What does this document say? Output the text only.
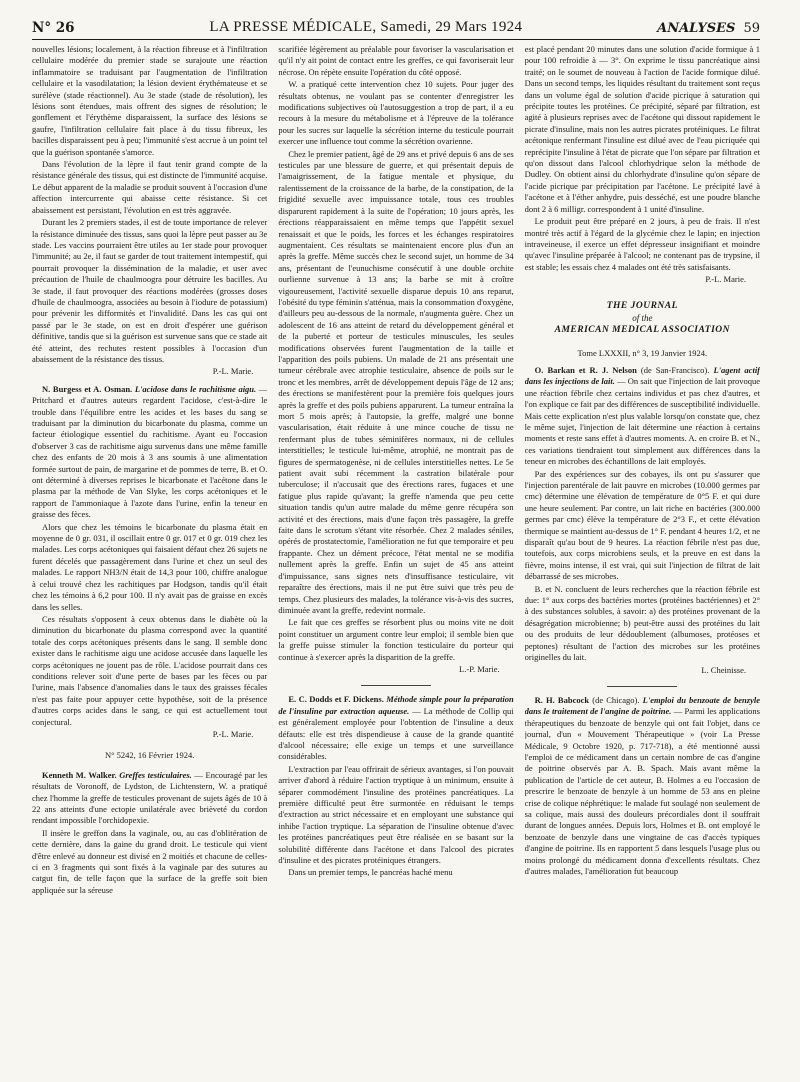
N° 26	LA PRESSE MÉDICALE, Samedi, 29 Mars 1924	ANALYSES 59

nouvelles lésions; localement, à la réaction fibreuse et à l'infiltration cellulaire modérée du premier stade se surajoute une réaction inflammatoire se traduisant par l'augmentation de l'infiltration cellulaire et la vasodilatation; la lésion devient érythémateuse et se surélève (stade réactionnel). Au 3e stade (stade de résolution), les lésions sont étendues, mais offrent des signes de résolution; le gonflement et l'érythème disparaissent, la surface des lésions se gaufre, l'infiltration cellulaire fait place à du tissu fibreux, les bacilles disparaissent peu à peu; l'immunité s'est accrue à un point tel que la guérison spontanée s'amorce.

Dans l'évolution de la lèpre il faut tenir grand compte de la résistance générale des tissus, qui est distincte de l'immunité acquise. Le début apparent de la maladie se produit souvent à l'occasion d'une affection intercurrente qui abaisse cette résistance. Si cet abaissement est persistant, l'évolution en est très aggravée.

Durant les 2 premiers stades, il est de toute importance de relever la résistance diminuée des tissus, sans quoi la lèpre peut passer au 3e stade. Les vaccins pourraient être utiles au 1er stade pour provoquer l'immunité; au 2e, il faut se garder de tout traitement intempestif, qui pourrait provoquer la dissémination de la maladie, et user avec précaution de l'huile de chaulmoogra pour détruire les bacilles. Au 3e stade, il faut provoquer des réactions modérées (grosses doses d'huile de chaulmoogra, associées au besoin à l'iodure de potassium) pour prévenir les difformités et l'invalidité. Dans les cas qui ont passé par le 3e stade, on est en droit d'espérer une guérison définitive, tandis que si la guérison est survenue sans que ce stade ait été atteint, des rechutes restent possibles à l'occasion d'un abaissement de la résistance des tissus.

P.-L. Marie.

N. Burgess et A. Osman. L'acidose dans le rachitisme aigu. — Pritchard et d'autres auteurs regardent l'acidose, c'est-à-dire le trouble dans l'équilibre entre les acides et les bases du sang se traduisant par la diminution du bicarbonate du plasma, comme un facteur étiologique essentiel du rachitisme. Ayant eu l'occasion d'observer 3 cas de rachitisme aigu survenus dans une même famille chez des enfants de 20 mois à 3 ans soumis à une alimentation formée surtout de pain, de margarine et de pommes de terre, B. et O. ont déterminé à diverses reprises le bicarbonate et l'acétone dans le plasma par la méthode de Van Slyke, les corps acétoniques et le rapport de l'ammoniaque à l'azote dans l'urine, enfin la teneur en graisse des fèces.

Alors que chez les témoins le bicarbonate du plasma était en moyenne de 0 gr. 031, il oscillait entre 0 gr. 017 et 0 gr. 019 chez les malades. Les corps acétoniques qui faisaient défaut chez 26 sujets ne furent décelés que passagèrement dans l'urine et chez un seul des malades. Le rapport NH3/N était de 14,3 pour 100, chiffre analogue à celui trouvé chez les rachitiques par Hodgson, tandis qu'il était chez les témoins à 6,2 pour 100. Il n'y avait pas de graisse en excès dans les selles.

Ces résultats s'opposent à ceux obtenus dans le diabète où la diminution du bicarbonate du plasma correspond avec la quantité totale des corps acétoniques présents dans le sang. Il semble donc exister dans le rachitisme aigu une acidose accusée dans laquelle les corps acétoniques ne jouent pas de rôle. L'acidose pourrait dans ces conditions relever soit d'une perte de bases par les fèces ou par l'urine, mais l'absence d'anomalies dans le taux des graisses fécales n'est pas faite pour appuyer cette hypothèse, soit de la présence d'autres corps acides dans le sang, ce qui est actuellement tout conjectural.

P.-L. Marie.
N° 5242, 16 Février 1924.

Kenneth M. Walker. Greffes testiculaires. — Encouragé par les résultats de Voronoff, de Lydston, de Lichtenstern, W. a pratiqué chez l'homme la greffe de testicules provenant de sujets âgés de 10 à 22 ans atteints d'une ectopie unilatérale avec brièveté du cordon rendant impossible l'orchidopexie.

Il insère le greffon dans la vaginale, ou, au cas d'oblitération de cette dernière, dans la gaine du grand droit. Le testicule qui vient d'être enlevé au donneur est divisé en 2 moitiés et chacune de celles-ci en 3 fragments qui sont fixés à la vaginale par des sutures au catgut fin, de telle façon que la surface de la greffe soit bien appliquée sur la séreuse

scarifiée légèrement au préalable pour favoriser la vascularisation et qu'il n'y ait point de contact entre les greffes, ce qui favoriserait leur nécrose. On répète ensuite l'opération du côté opposé.

W. a pratiqué cette intervention chez 10 sujets. Pour juger des résultats obtenus, ne voulant pas se contenter d'enregistrer les modifications subjectives où l'autosuggestion a trop de part, il a eu recours à la mesure du métabolisme et à l'épreuve de la tolérance pour les sucres sur laquelle la sécrétion interne du testicule pourrait exercer une influence tout comme la sécrétion ovarienne.

Chez le premier patient, âgé de 29 ans et privé depuis 6 ans de ses testicules par une blessure de guerre, et qui présentait depuis de l'amaigrissement, de la fatigue mentale et physique, du ralentissement de la croissance de la barbe, de la constipation, de la frigidité sexuelle avec impuissance totale, tous ces troubles disparurent rapidement à la suite de l'opération; 10 jours après, les érections réapparaissaient en même temps que l'appétit sexuel renaissait et que le poids, les forces et les échanges respiratoires augmentaient. Ces résultats se maintenaient encore plus d'un an après la greffe. Même succès chez le second sujet, un homme de 34 ans, présentant de l'eunuchisme consécutif à une double orchite ourlienne survenue à 13 ans; la barbe se mit à croître vigoureusement, l'activité sexuelle disparue depuis 10 ans reparut, l'obésité du type féminin s'atténua, mais la consommation d'oxygène, d'ailleurs peu au-dessous de la normale, n'augmenta guère. Chez un adolescent de 16 ans atteint de retard du développement général et de la puberté et porteur de testicules minuscules, les seules modifications observées furent l'augmentation de la taille et l'apparition des poils pubiens. Un malade de 21 ans présentait une tumeur cérébrale avec atrophie testiculaire, absence de poils sur le tronc et les membres, arrêt de développement depuis l'âge de 12 ans; des érections se manifestèrent pour la première fois quelques jours après la greffe et des poils pubiens apparurent. La tumeur entraîna la mort 5 mois après; à l'autopsie, la greffe, malgré une bonne vascularisation, était réduite à une mince couche de tissu ne renfermant plus de tubes séminifères normaux, ni de cellules interstitielles; le testicule lui-même, atrophié, ne montrait pas de figures de spermatogenèse, ni de cellules interstitielles nettes. Le 5e patient avait subi récemment la castration bilatérale pour tuberculose; il n'accusait que des érections rares, fugaces et une fatigue plus rapide qu'avant; la greffe n'amenda que peu cette situation tandis qu'un autre malade du même genre récupéra son activité et des érections, mais d'une façon très passagère, la greffe faite dans le scrotum s'étant vite résorbée. Chez 2 malades séniles, opérés de prostatectomie, l'amélioration ne fut que temporaire et peu frappante. Chez un dément précoce, l'état mental ne se modifia nullement après la greffe. Enfin un sujet de 45 ans atteint d'impuissance, sans signes nets d'insuffisance testiculaire, vit reparaître des érections, mais il ne put être suivi que très peu de temps. Chez plusieurs des malades, la tolérance vis-à-vis des sucres, diminuée avant la greffe, redevint normale.

Le fait que ces greffes se résorbent plus ou moins vite ne doit point constituer un argument contre leur emploi; il semble bien que la greffe puisse stimuler la fonction testiculaire du porteur qui continue à s'exercer après la disparition de la greffe.

L.-P. Marie.

E. C. Dodds et F. Dickens. Méthode simple pour la préparation de l'insuline par extraction aqueuse. — La méthode de Collip qui est généralement employée pour l'obtention de l'insuline a deux défauts: elle est très dispendieuse à cause de la grande quantité d'alcool nécessaire; elle exige un temps et une surveillance considérables.

L'extraction par l'eau offrirait de sérieux avantages, si l'on pouvait arriver d'abord à réduire l'action tryptique à un minimum, ensuite à séparer commodément l'insuline des protéines pancréatiques. La première difficulté peut être surmontée en réduisant le temps d'extraction au strict nécessaire et en employant une substance qui inhibe l'action tryptique. La séparation de l'insuline obtenue d'avec les protéines pancréatiques peut être réalisée en se basant sur la solubilité différente dans l'acétone et dans l'alcool des picrates d'insuline et des picrates protéiniques étrangers.

Dans un premier temps, le pancréas haché menu

est placé pendant 20 minutes dans une solution d'acide formique à 1 pour 100 refroidie à — 3°. On exprime le tissu pancréatique ainsi traité; on le soumet de nouveau à l'action de l'acide formique dilué. Dans un second temps, les liquides résultant du traitement sont reçus dans un volume égal de solution d'acide picrique à saturation qui précipite toutes les protéines. Ce précipité, séparé par filtration, est agité à plusieurs reprises avec de l'acétone qui dissout rapidement le picrate d'insuline, mais non les autres picrates protéiniques. Le filtrat acétonique renfermant l'insuline est dilué avec de l'eau picriquée qui reprécipite l'insuline à l'état de picrate que l'on sépare par filtration et qu'on dissout dans l'alcool chlorhydrique selon la méthode de Dudley. On obtient ainsi du chlorhydrate d'insuline qu'on sépare de l'acide picrique par précipitation par l'acétone. Le précipité lavé à l'acétone et à l'éther anhydre, puis desséché, est une poudre blanche dont 2 à 6 milligr. correspondent à 1 unité d'insuline.

Le produit peut être préparé en 2 jours, à peu de frais. Il n'est montré très actif à l'égard de la glycémie chez le lapin; en injection intraveineuse, il exerce un effet dépresseur insignifiant et moindre qu'avec l'insuline préparée à l'alcool; ne contenant pas de trypsine, il est stable; les essais chez 4 malades ont été très satisfaisants.

P.-L. Marie.
THE JOURNAL
of the
AMERICAN MEDICAL ASSOCIATION
Tome LXXXII, n° 3, 19 Janvier 1924.

O. Barkan et R. J. Nelson (de San-Francisco). L'agent actif dans les injections de lait. — On sait que l'injection de lait provoque une réaction fébrile chez certains individus et pas chez d'autres, et l'on explique ce fait par des différences de susceptibilité individuelle. Mais cette explication n'est plus valable lorsqu'on constate que, chez le même sujet, l'injection de lait détermine une réaction à certains moments et reste sans effet à d'autres moments. A. en croire B. et N., ces variations tiendraient tout simplement aux différences dans la teneur en microbes des échantillons de lait employés.

Par des expériences sur des cobayes, ils ont pu s'assurer que l'injection parentérale de lait pauvre en microbes (10.000 germes par cmc) détermine une élévation de température de 0°5 F. et qui dure une heure seulement. Par contre, un lait riche en bactéries (300.000 germes par cmc) élève la température de 2°3 F., et cette élévation thermique se maintient au-dessus de 1° F. pendant 4 heures 1/2, et ne disparaît qu'au bout de 9 heures. La réaction fébrile n'est pas due, toutefois, aux corps microbiens seuls, et la preuve en est dans la fièvre, moins intense, il est vrai, qui suit l'injection de filtrat de lait débarrassé de ses microbes.

B. et N. concluent de leurs recherches que la réaction fébrile est due: 1° aux corps des bactéries mortes (protéines bactériennes) et 2° à des substances solubles, à savoir: a) des protéines provenant de la désagrégation microbienne; b) peut-être aussi des protéines du lait ou des produits de leur dédoublement (albumoses, protéoses et peptones) résultant de l'action des microbes sur les protéines originelles du lait.

L. Cheinisse.

R. H. Babcock (de Chicago). L'emploi du benzoate de benzyle dans le traitement de l'angine de poitrine. — Parmi les applications thérapeutiques du benzoate de benzyle qui ont fait l'objet, dans ce journal, d'un « Mouvement Thérapeutique » (voir La Presse Médicale, 9 Octobre 1920, p. 717-718), a été mentionné aussi l'emploi de ce médicament dans un certain nombre de cas d'angine de poitrine observés par A. B. Spach. Mais avant même la publication de l'article de cet auteur, B. Holmes a eu l'occasion de prescrire le benzoate de benzyle à un homme de 53 ans en pleine crise de colique néphrétique: le malade fut soulagé non seulement de sa colique, mais aussi des douleurs précordiales dont il souffrait durant de longues années. Depuis lors, Holmes et B. ont employé le benzoate de benzyle dans une vingtaine de cas d'accès typiques d'angine de poitrine. Ils en rapportent 5 dans lesquels l'usage plus ou moins prolongé du médicament donna d'excellents résultats. Chez d'autres malades, l'amélioration fut beaucoup
